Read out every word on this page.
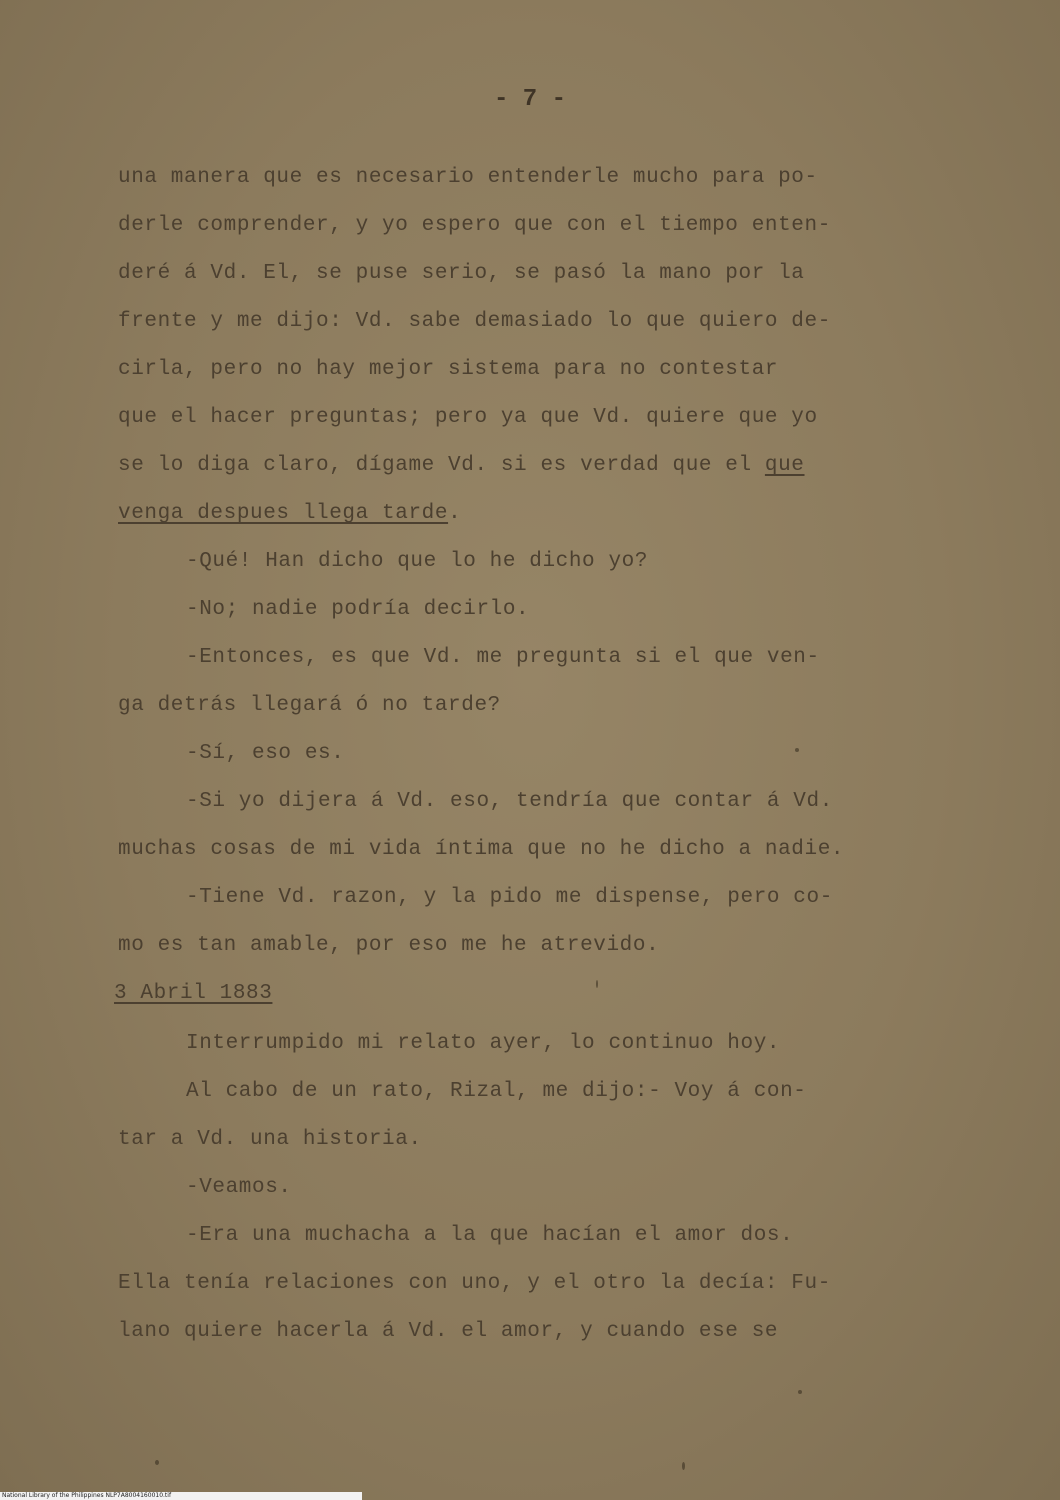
- 7 -
una manera que es necesario entenderle mucho para po-
derle comprender, y yo espero que con el tiempo enten-
deré á Vd. El, se puse serio, se pasó la mano por la
frente y me dijo: Vd. sabe demasiado lo que quiero de-
cirla, pero no hay mejor sistema para no contestar
que el hacer preguntas; pero ya que Vd. quiere que yo
se lo diga claro, dígame Vd. si es verdad que el que
venga despues llega tarde.
-Qué! Han dicho que lo he dicho yo?
-No; nadie podría decirlo.
-Entonces, es que Vd. me pregunta si el que ven-
ga detrás llegará ó no tarde?
-Sí, eso es.
-Si yo dijera á Vd. eso, tendría que contar á Vd.
muchas cosas de mi vida íntima que no he dicho a nadie.
-Tiene Vd. razon, y la pido me dispense, pero co-
mo es tan amable, por eso me he atrevido.
3 Abril 1883
Interrumpido mi relato ayer, lo continuo hoy.
Al cabo de un rato, Rizal, me dijo:- Voy á con-
tar a Vd. una historia.
-Veamos.
-Era una muchacha a la que hacían el amor dos.
Ella tenía relaciones con uno, y el otro la decía: Fu-
lano quiere hacerla á Vd. el amor, y cuando ese se
National Library of the Philippines NLP7A8004160010.tif
